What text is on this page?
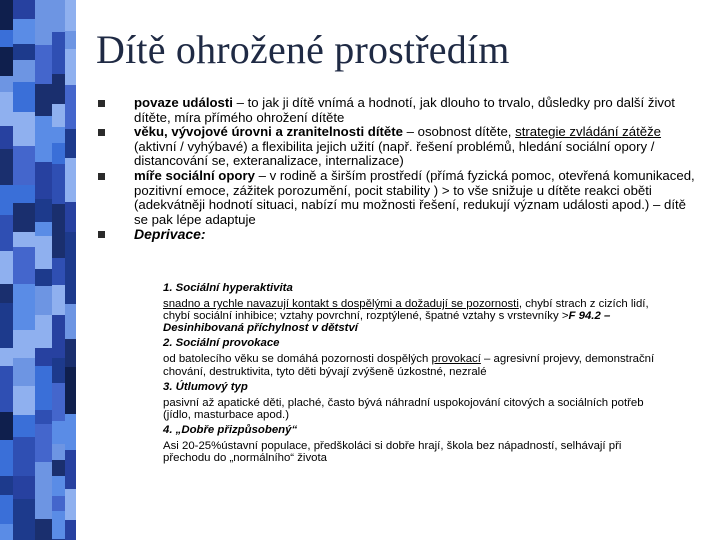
Dítě ohrožené prostředím
povaze události – to jak ji dítě vnímá a hodnotí, jak dlouho to trvalo, důsledky pro další život dítěte, míra přímého ohrožení dítěte
věku, vývojové úrovni a zranitelnosti dítěte – osobnost dítěte, strategie zvládání zátěže (aktivní / vyhýbavé) a flexibilita jejich užití (např. řešení problémů, hledání sociální opory / distancování se, exteranalizace, internalizace)
míře sociální opory – v rodině a širším prostředí (přímá fyzická pomoc, otevřená komunikaced, pozitivní emoce, zážitek porozumění, pocit stability ) > to vše snižuje u dítěte reakci oběti (adekvátněji hodnotí situaci, nabízí mu možnosti řešení, redukují význam události apod.) – dítě se pak lépe adaptuje
Deprivace:
1. Sociální hyperaktivita
snadno a rychle navazují kontakt s dospělými a dožadují se pozornosti, chybí strach z cizích lidí, chybí sociální inhibice; vztahy povrchní, rozptýlené, špatné vztahy s vrstevníky >F 94.2 – Desinhibovaná příchylnost v dětství
2. Sociální provokace
od batolecího věku se domáhá pozornosti dospělých provokací – agresivní projevy, demonstrační chování, destruktivita, tyto děti bývají zvýšeně úzkostné, nezralé
3. Útlumový typ
pasivní až apatické děti, plaché, často bývá náhradní uspokojování citových a sociálních potřeb (jídlo, masturbace apod.)
4. „Dobře přizpůsobený“
Asi 20-25%ústavní populace, předškoláci si dobře hrají, škola bez nápadností, selhávají při přechodu do „normálního“ života
